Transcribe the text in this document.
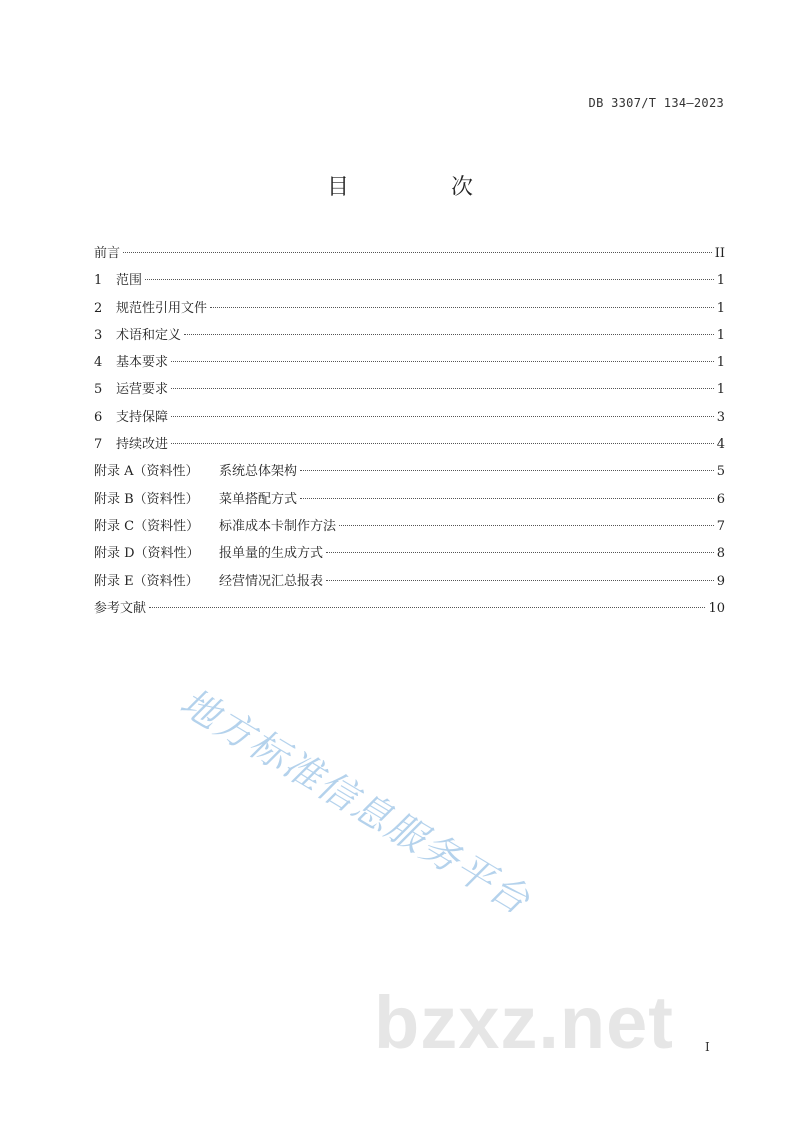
DB 3307/T 134—2023
目　次
前言	II
1	范围	1
2	规范性引用文件	1
3	术语和定义	1
4	基本要求	1
5	运营要求	1
6	支持保障	3
7	持续改进	4
附录 A（资料性）	系统总体架构	5
附录 B（资料性）	菜单搭配方式	6
附录 C（资料性）	标准成本卡制作方法	7
附录 D（资料性）	报单量的生成方式	8
附录 E（资料性）	经营情况汇总报表	9
参考文献	10
地方标准信息服务平台
bzxz.net	I
